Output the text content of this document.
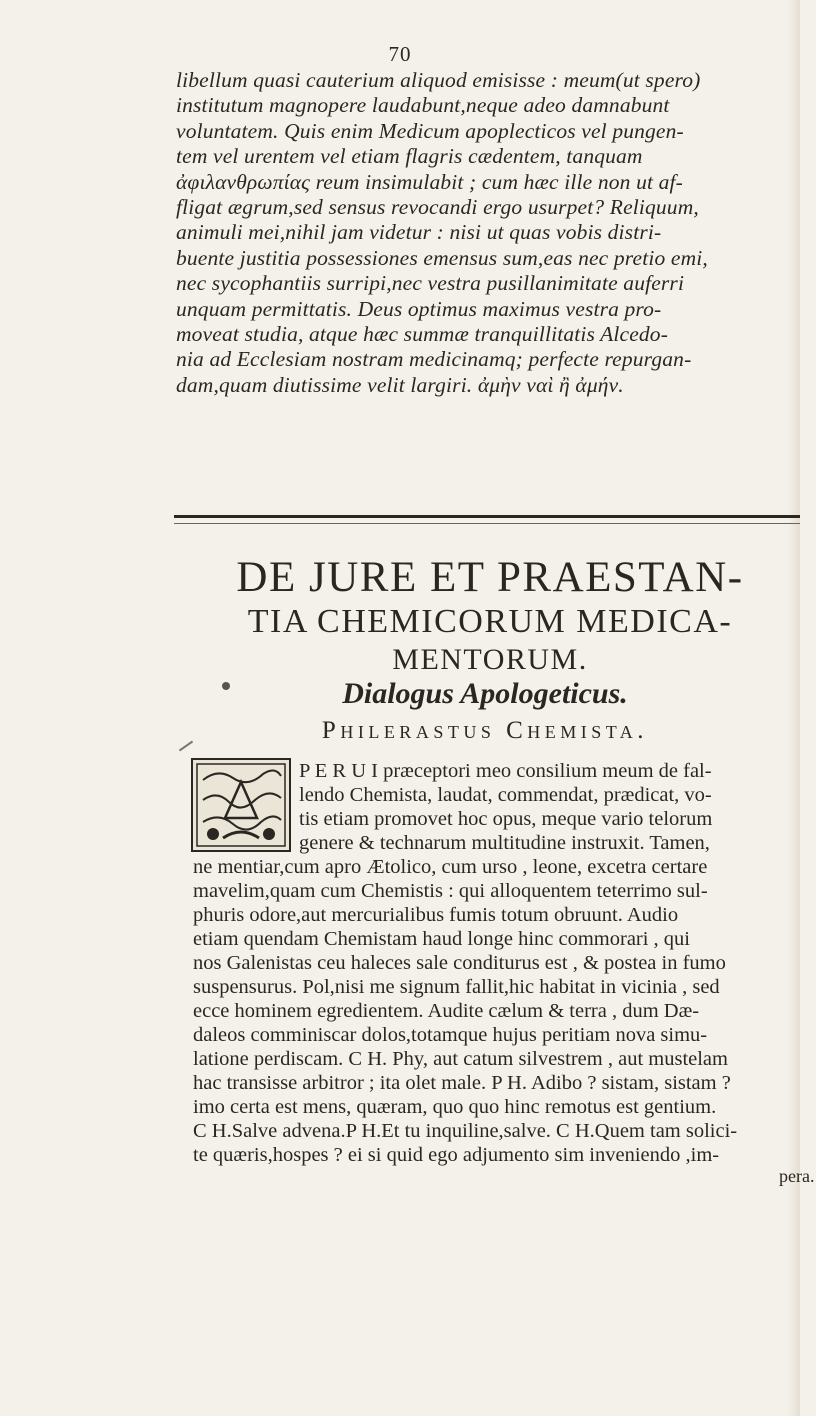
70
libellum quasi cauterium aliquod emisisse : meum(ut spero)
institutum magnopere laudabunt,neque adeo damnabunt
voluntatem. Quis enim Medicum apoplecticos vel pungen-
tem vel urentem vel etiam flagris cædentem, tanquam
ἀφιλανθρωπίας reum insimulabit ; cum hæc ille non ut af-
fligat ægrum,sed sensus revocandi ergo usurpet? Reliquum,
animuli mei,nihil jam videtur : nisi ut quas vobis distri-
buente justitia possessiones emensus sum,eas nec pretio emi,
nec sycophantiis surripi,nec vestra pusillanimitate auferri
unquam permittatis. Deus optimus maximus vestra pro-
moveat studia, atque hæc summæ tranquillitatis Alcedo-
nia ad Ecclesiam nostram medicinamq; perfecte repurgan-
dam,quam diutissime velit largiri. ἀμὴν ναὶ ἢ ἀμήν.
DE JURE ET PRAESTAN-
TIA CHEMICORUM MEDICA-
MENTORUM.
Dialogus Apologeticus.
Philerastus Chemista.
P E R U I præceptori meo consilium meum de fal-
lendo Chemista, laudat, commendat, prædicat, vo-
tis etiam promovet hoc opus, meque vario telorum
genere & technarum multitudine instruxit. Tamen,
ne mentiar,cum apro Ætolico, cum urso , leone, excetra certare
mavelim,quam cum Chemistis : qui alloquentem teterrimo sul-
phuris odore,aut mercurialibus fumis totum obruunt. Audio
etiam quendam Chemistam haud longe hinc commorari , qui
nos Galenistas ceu haleces sale conditurus est , & postea in fumo
suspensurus. Pol,nisi me signum fallit,hic habitat in vicinia , sed
ecce hominem egredientem. Audite cælum & terra , dum Dæ-
daleos comminiscar dolos,totamque hujus peritiam nova simu-
latione perdiscam. C H. Phy, aut catum silvestrem , aut mustelam
hac transisse arbitror ; ita olet male. P H. Adibo ? sistam, sistam ?
imo certa est mens, quæram, quo quo hinc remotus est gentium.
C H.Salve advena.P H.Et tu inquiline,salve. C H.Quem tam solici-
te quæris,hospes ? ei si quid ego adjumento sim inveniendo ,im-
pera.
